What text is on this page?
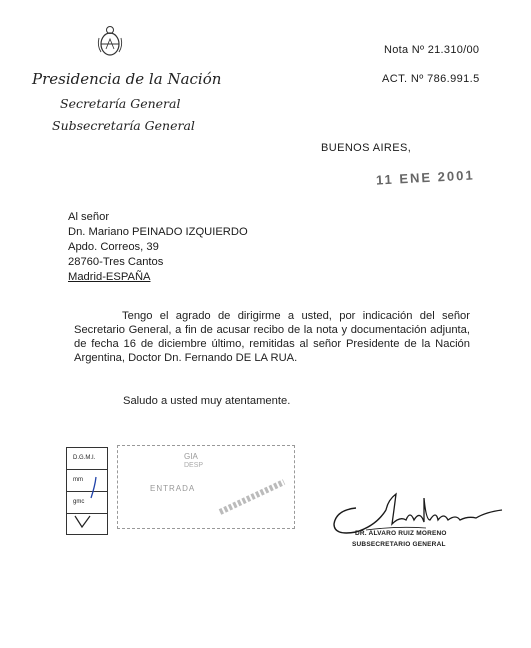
Presidencia de la Nación
Secretaría General
Subsecretaría General
Nota Nº 21.310/00
ACT. Nº 786.991.5
BUENOS AIRES,
11 ENE 2001
Al señor
Dn. Mariano PEINADO IZQUIERDO
Apdo. Correos, 39
28760-Tres Cantos
Madrid-ESPAÑA
Tengo el agrado de dirigirme a usted, por indicación del señor Secretario General, a fin de acusar recibo de la nota y documentación adjunta, de fecha 16 de diciembre último, remitidas al señor Presidente de la Nación Argentina, Doctor Dn. Fernando DE LA RUA.
Saludo a usted muy atentamente.
D.G.M.I.
mm
gmc
GIA
DESP
ENTRADA
DR. ALVARO RUIZ MORENO
SUBSECRETARIO GENERAL
